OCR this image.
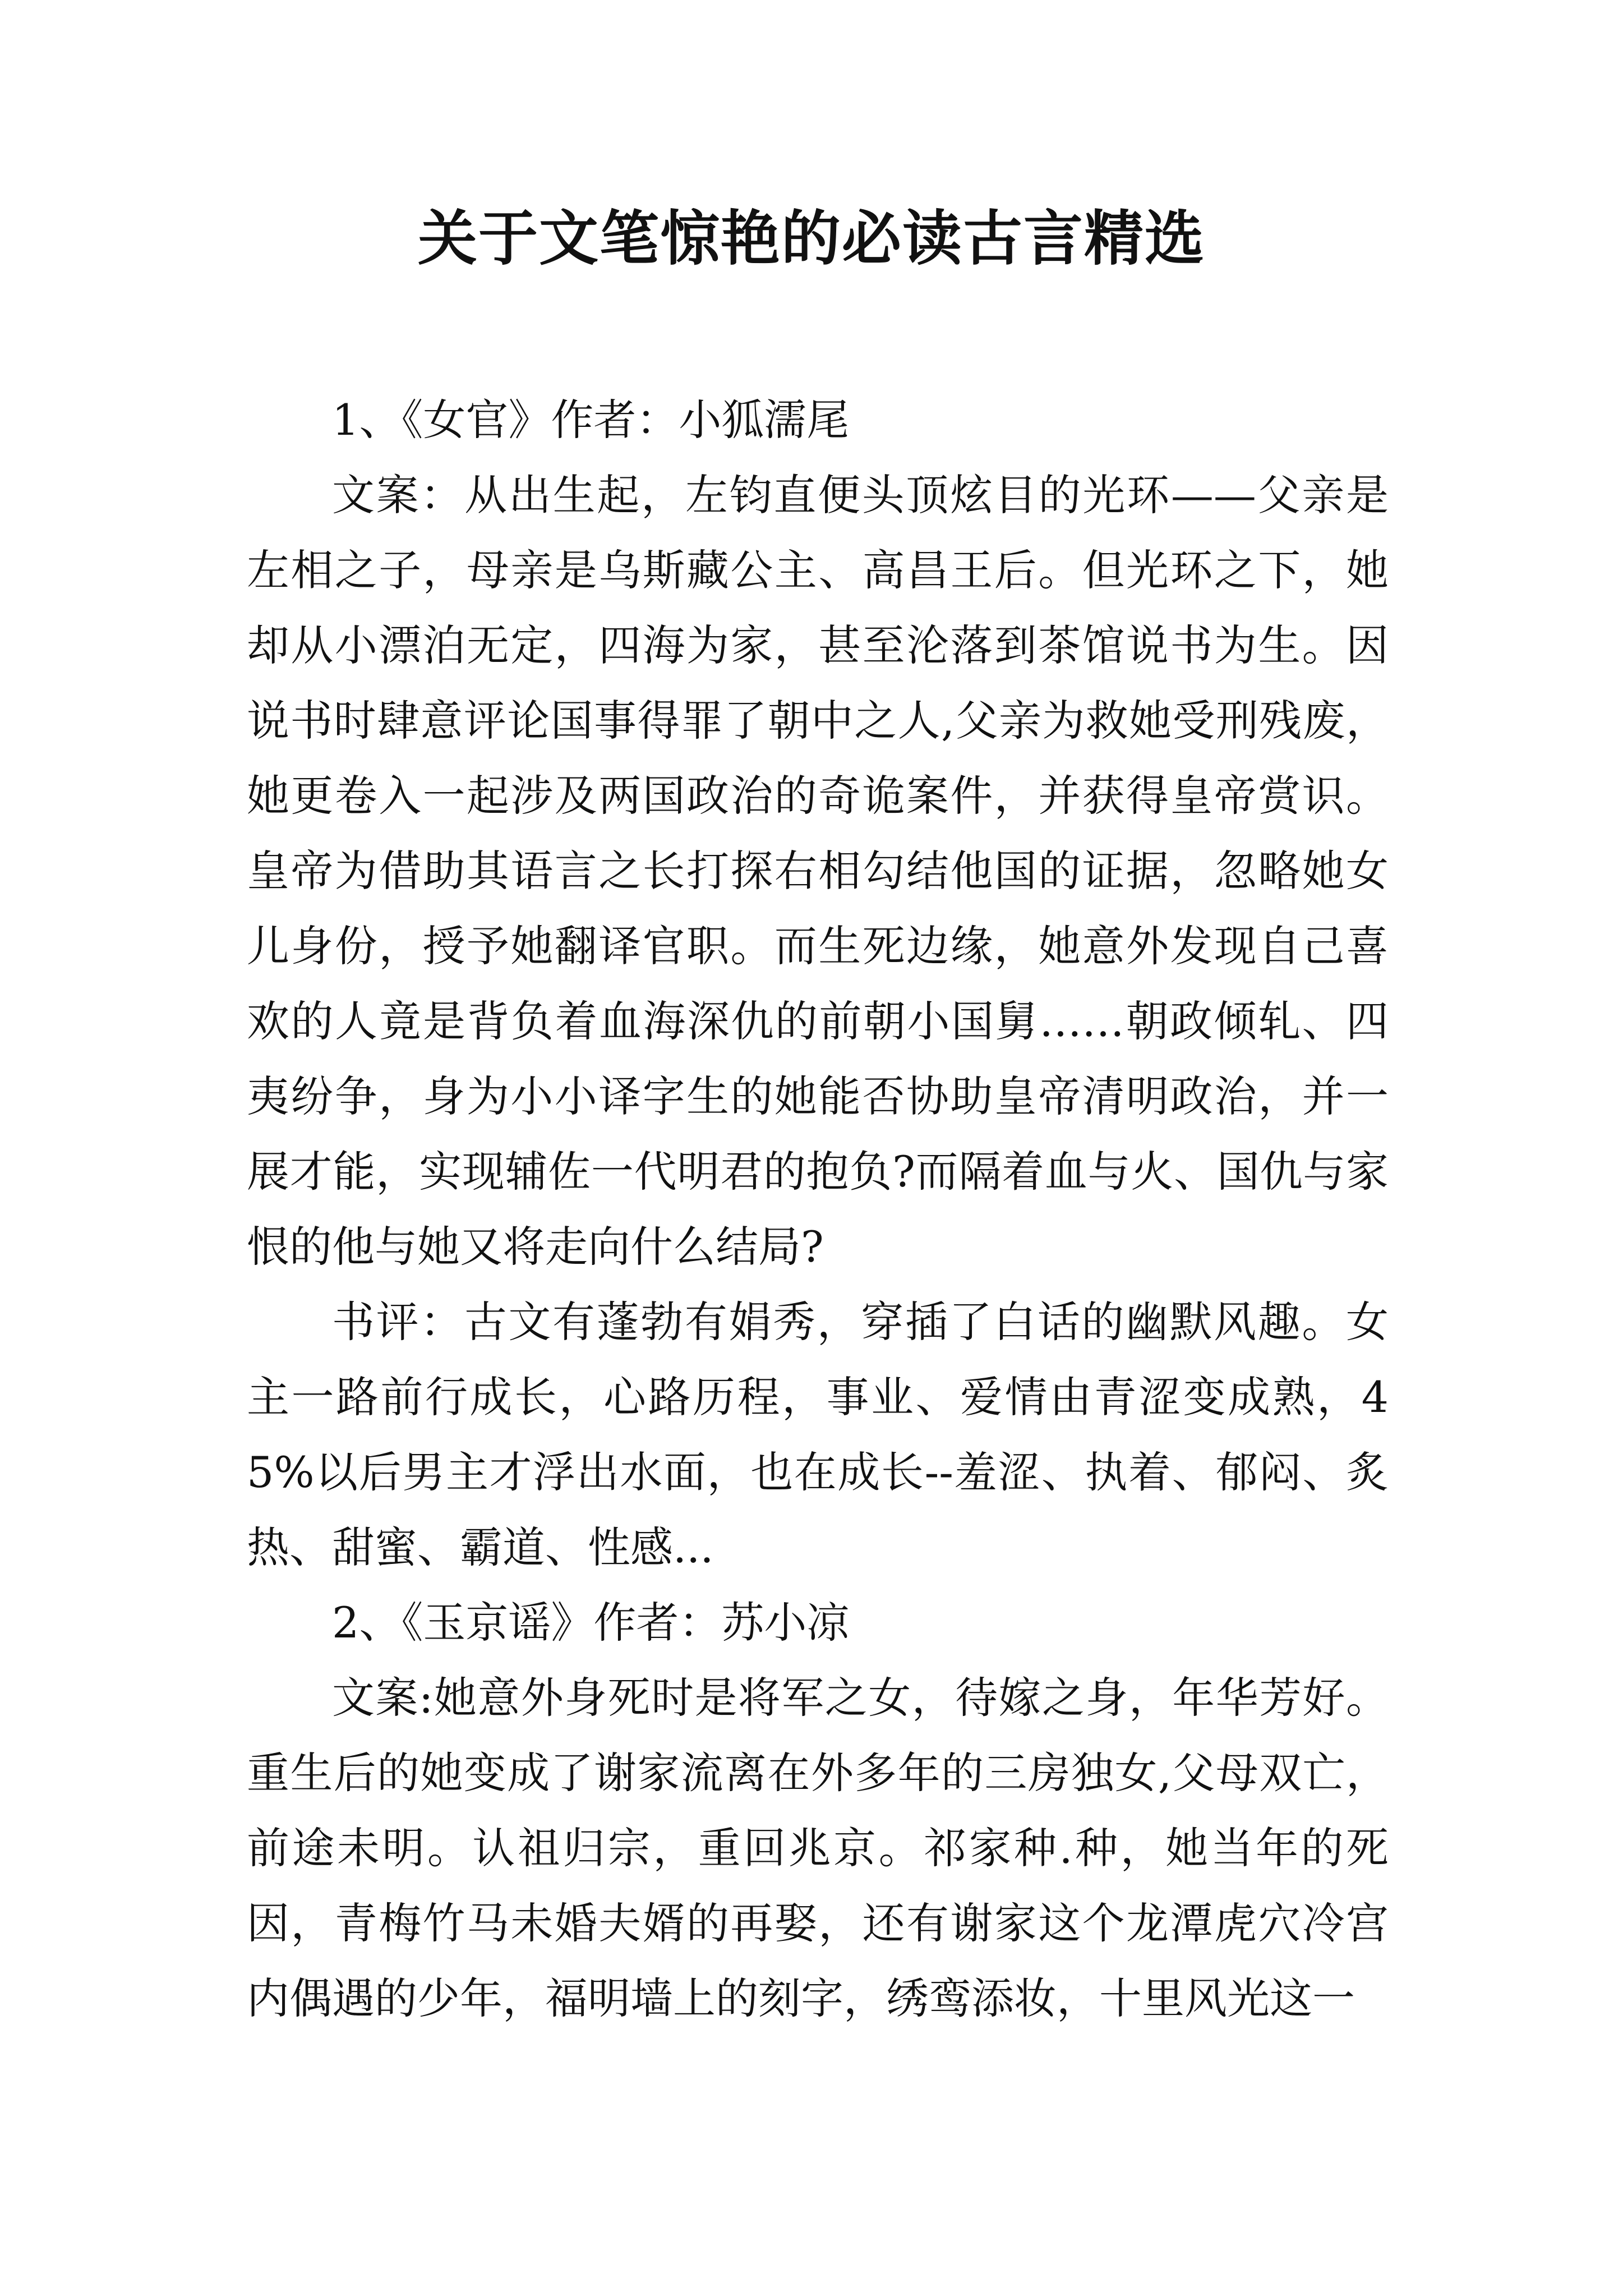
关于文笔惊艳的必读古言精选

1、《女官》作者：小狐濡尾

文案：从出生起，左钧直便头顶炫目的光环——父亲是左相之子，母亲是乌斯藏公主、高昌王后。但光环之下，她却从小漂泊无定，四海为家，甚至沦落到茶馆说书为生。因说书时肆意评论国事得罪了朝中之人,父亲为救她受刑残废，她更卷入一起涉及两国政治的奇诡案件，并获得皇帝赏识。皇帝为借助其语言之长打探右相勾结他国的证据，忽略她女儿身份，授予她翻译官职。而生死边缘，她意外发现自己喜欢的人竟是背负着血海深仇的前朝小国舅……朝政倾轧、四夷纷争，身为小小译字生的她能否协助皇帝清明政治，并一展才能，实现辅佐一代明君的抱负?而隔着血与火、国仇与家恨的他与她又将走向什么结局?

书评：古文有蓬勃有娟秀，穿插了白话的幽默风趣。女主一路前行成长，心路历程，事业、爱情由青涩变成熟，45%以后男主才浮出水面，也在成长--羞涩、执着、郁闷、炙热、甜蜜、霸道、性感...

2、《玉京谣》作者：苏小凉

文案:她意外身死时是将军之女，待嫁之身，年华芳好。重生后的她变成了谢家流离在外多年的三房独女,父母双亡，前途未明。认祖归宗，重回兆京。祁家种.种，她当年的死因，青梅竹马未婚夫婿的再娶，还有谢家这个龙潭虎穴冷宫内偶遇的少年，福明墙上的刻字，绣鸾添妆，十里风光这一
